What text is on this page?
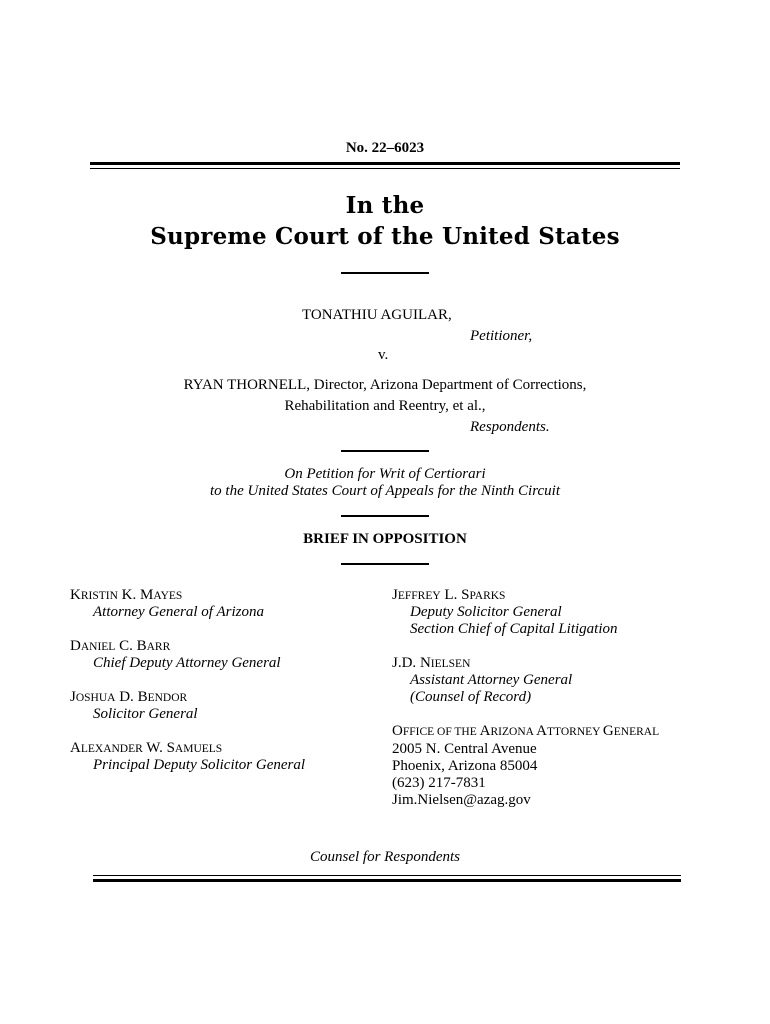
No. 22–6023
In the
Supreme Court of the United States
TONATHIU AGUILAR,
Petitioner,
v.
RYAN THORNELL, Director, Arizona Department of Corrections,
Rehabilitation and Reentry, et al.,
Respondents.
On Petition for Writ of Certiorari
to the United States Court of Appeals for the Ninth Circuit
BRIEF IN OPPOSITION
KRISTIN K. MAYES
Attorney General of Arizona
DANIEL C. BARR
Chief Deputy Attorney General
JOSHUA D. BENDOR
Solicitor General
ALEXANDER W. SAMUELS
Principal Deputy Solicitor General
JEFFREY L. SPARKS
Deputy Solicitor General
Section Chief of Capital Litigation
J.D. NIELSEN
Assistant Attorney General
(Counsel of Record)
OFFICE OF THE ARIZONA ATTORNEY GENERAL
2005 N. Central Avenue
Phoenix, Arizona 85004
(623) 217-7831
Jim.Nielsen@azag.gov
Counsel for Respondents
